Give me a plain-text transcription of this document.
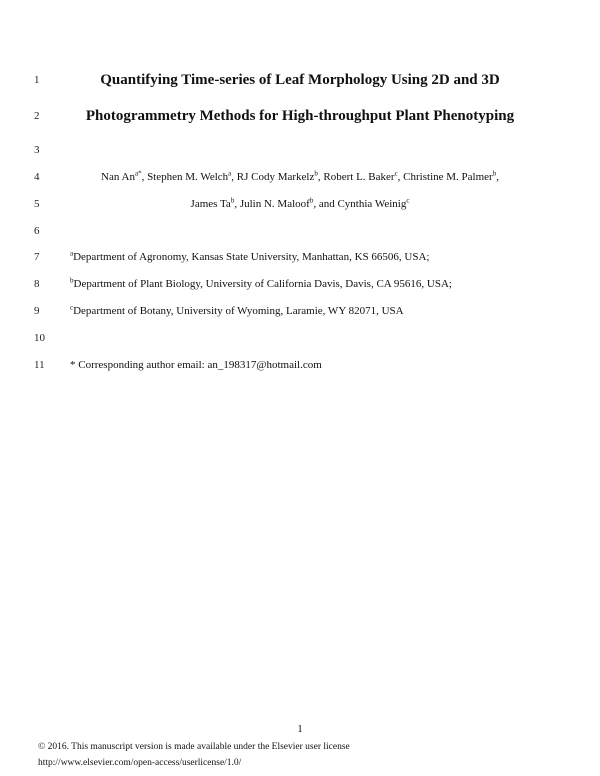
1	Quantifying Time-series of Leaf Morphology Using 2D and 3D
2	Photogrammetry Methods for High-throughput Plant Phenotyping
3
4	Nan $An^{a*}$, Stephen M. Welch$^a$, RJ Cody Markelz$^b$, Robert L. Baker$^c$, Christine M. Palmer$^b$,
5	James Ta$^b$, Julin N. Maloof$^b$, and Cynthia Weinig$^c$
6
7	$^a$Department of Agronomy, Kansas State University, Manhattan, KS 66506, USA;
8	$^b$Department of Plant Biology, University of California Davis, Davis, CA 95616, USA;
9	$^c$Department of Botany, University of Wyoming, Laramie, WY 82071, USA
10
11	* Corresponding author email: an_198317@hotmail.com
1
© 2016. This manuscript version is made available under the Elsevier user license
http://www.elsevier.com/open-access/userlicense/1.0/
